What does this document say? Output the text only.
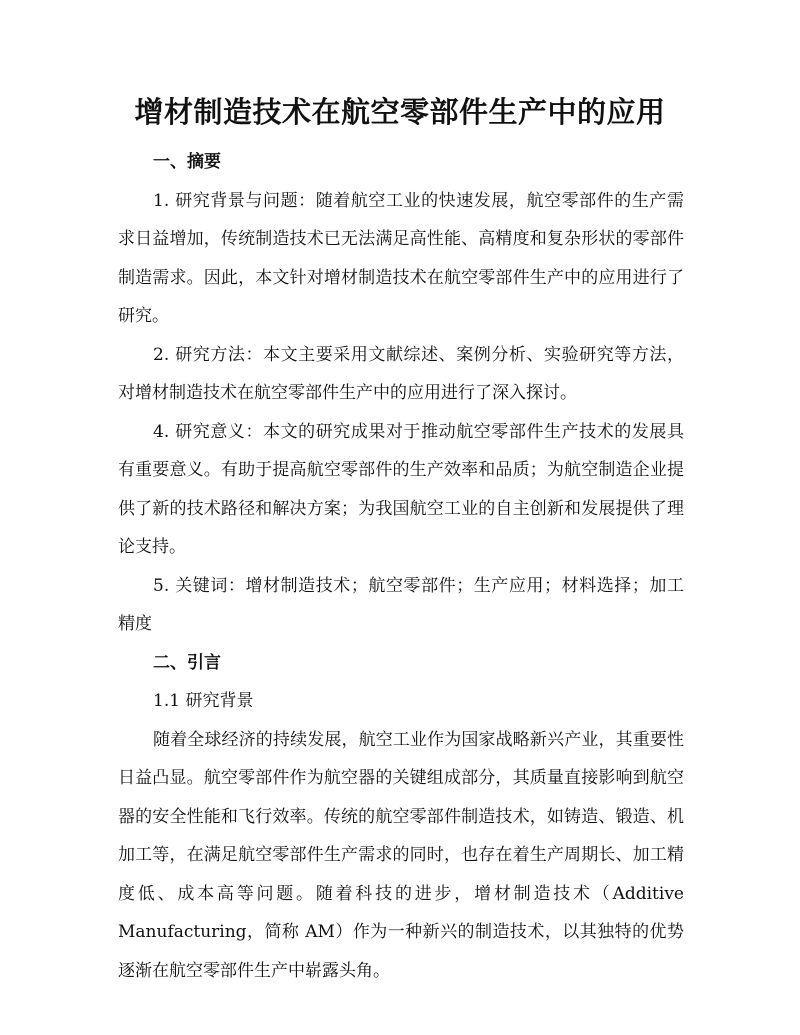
增材制造技术在航空零部件生产中的应用

一、摘要

1. 研究背景与问题：随着航空工业的快速发展，航空零部件的生产需求日益增加，传统制造技术已无法满足高性能、高精度和复杂形状的零部件制造需求。因此，本文针对增材制造技术在航空零部件生产中的应用进行了研究。

2. 研究方法：本文主要采用文献综述、案例分析、实验研究等方法，对增材制造技术在航空零部件生产中的应用进行了深入探讨。

4. 研究意义：本文的研究成果对于推动航空零部件生产技术的发展具有重要意义。有助于提高航空零部件的生产效率和品质；为航空制造企业提供了新的技术路径和解决方案；为我国航空工业的自主创新和发展提供了理论支持。

5. 关键词：增材制造技术；航空零部件；生产应用；材料选择；加工精度

二、引言

1.1 研究背景

随着全球经济的持续发展，航空工业作为国家战略新兴产业，其重要性日益凸显。航空零部件作为航空器的关键组成部分，其质量直接影响到航空器的安全性能和飞行效率。传统的航空零部件制造技术，如铸造、锻造、机加工等，在满足航空零部件生产需求的同时，也存在着生产周期长、加工精度低、成本高等问题。随着科技的进步，增材制造技术（Additive Manufacturing，简称 AM）作为一种新兴的制造技术，以其独特的优势逐渐在航空零部件生产中崭露头角。
